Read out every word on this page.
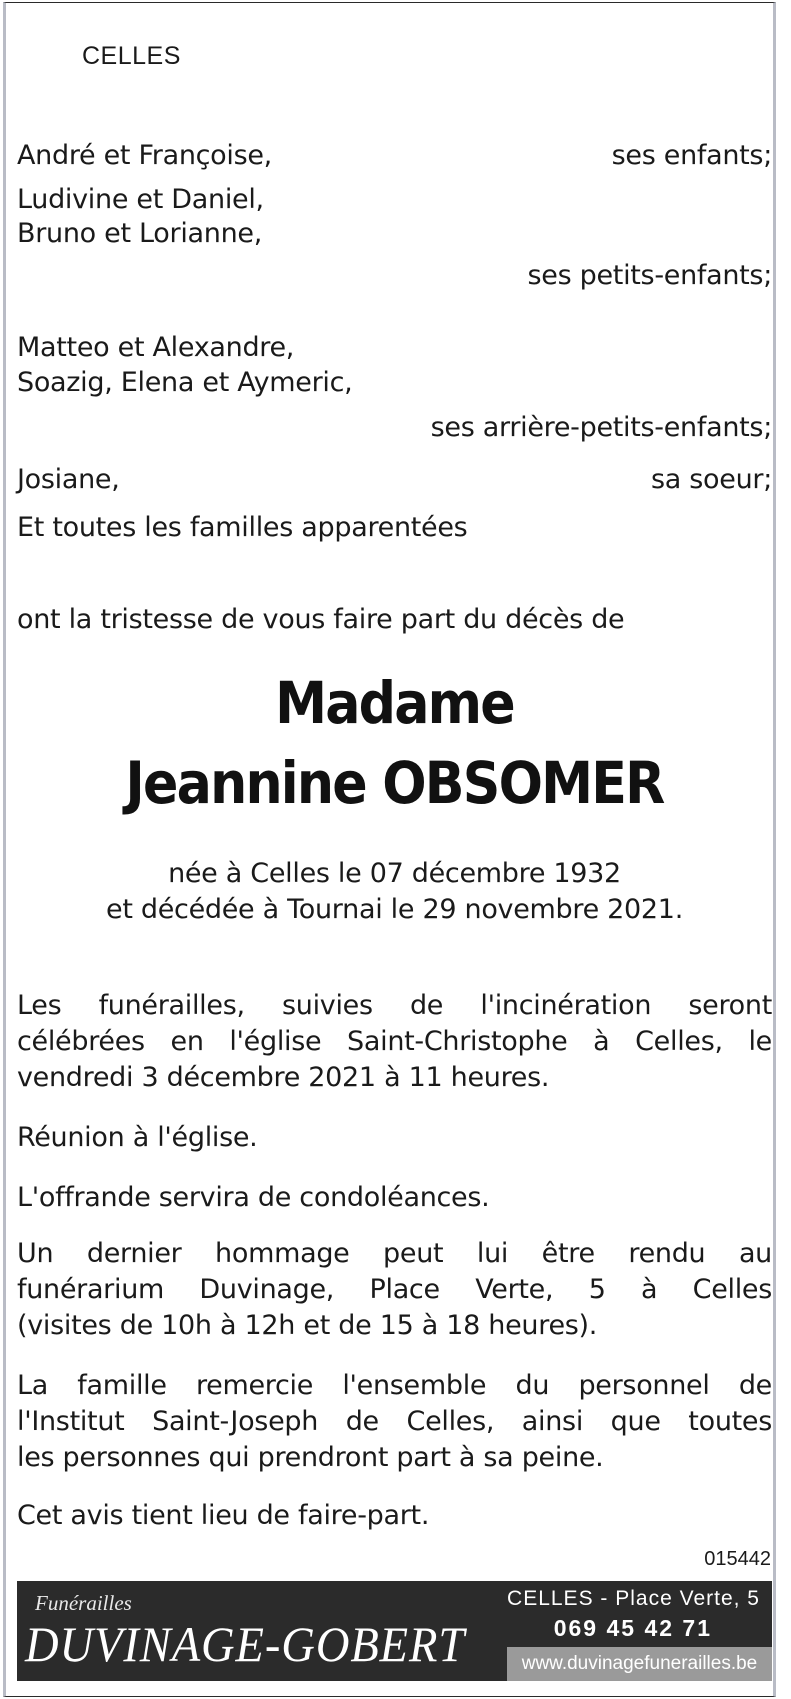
CELLES
André et Françoise,	ses enfants;
Ludivine et Daniel,
Bruno et Lorianne,
ses petits-enfants;
Matteo et Alexandre,
Soazig, Elena et Aymeric,
ses arrière-petits-enfants;
Josiane,	sa soeur;
Et toutes les familles apparentées
ont la tristesse de vous faire part du décès de
Madame
Jeannine OBSOMER
née à Celles le 07 décembre 1932
et décédée à Tournai le 29 novembre 2021.
Les funérailles, suivies de l'incinération seront
célébrées en l'église Saint-Christophe à Celles, le
vendredi 3 décembre 2021 à 11 heures.
Réunion à l'église.
L'offrande servira de condoléances.
Un dernier hommage peut lui être rendu au
funérarium Duvinage, Place Verte, 5 à Celles
(visites de 10h à 12h et de 15 à 18 heures).
La famille remercie l'ensemble du personnel de
l'Institut Saint-Joseph de Celles, ainsi que toutes
les personnes qui prendront part à sa peine.
Cet avis tient lieu de faire-part.
015442
Funérailles
DUVINAGE-GOBERT
CELLES - Place Verte, 5
069 45 42 71
www.duvinagefunerailles.be
